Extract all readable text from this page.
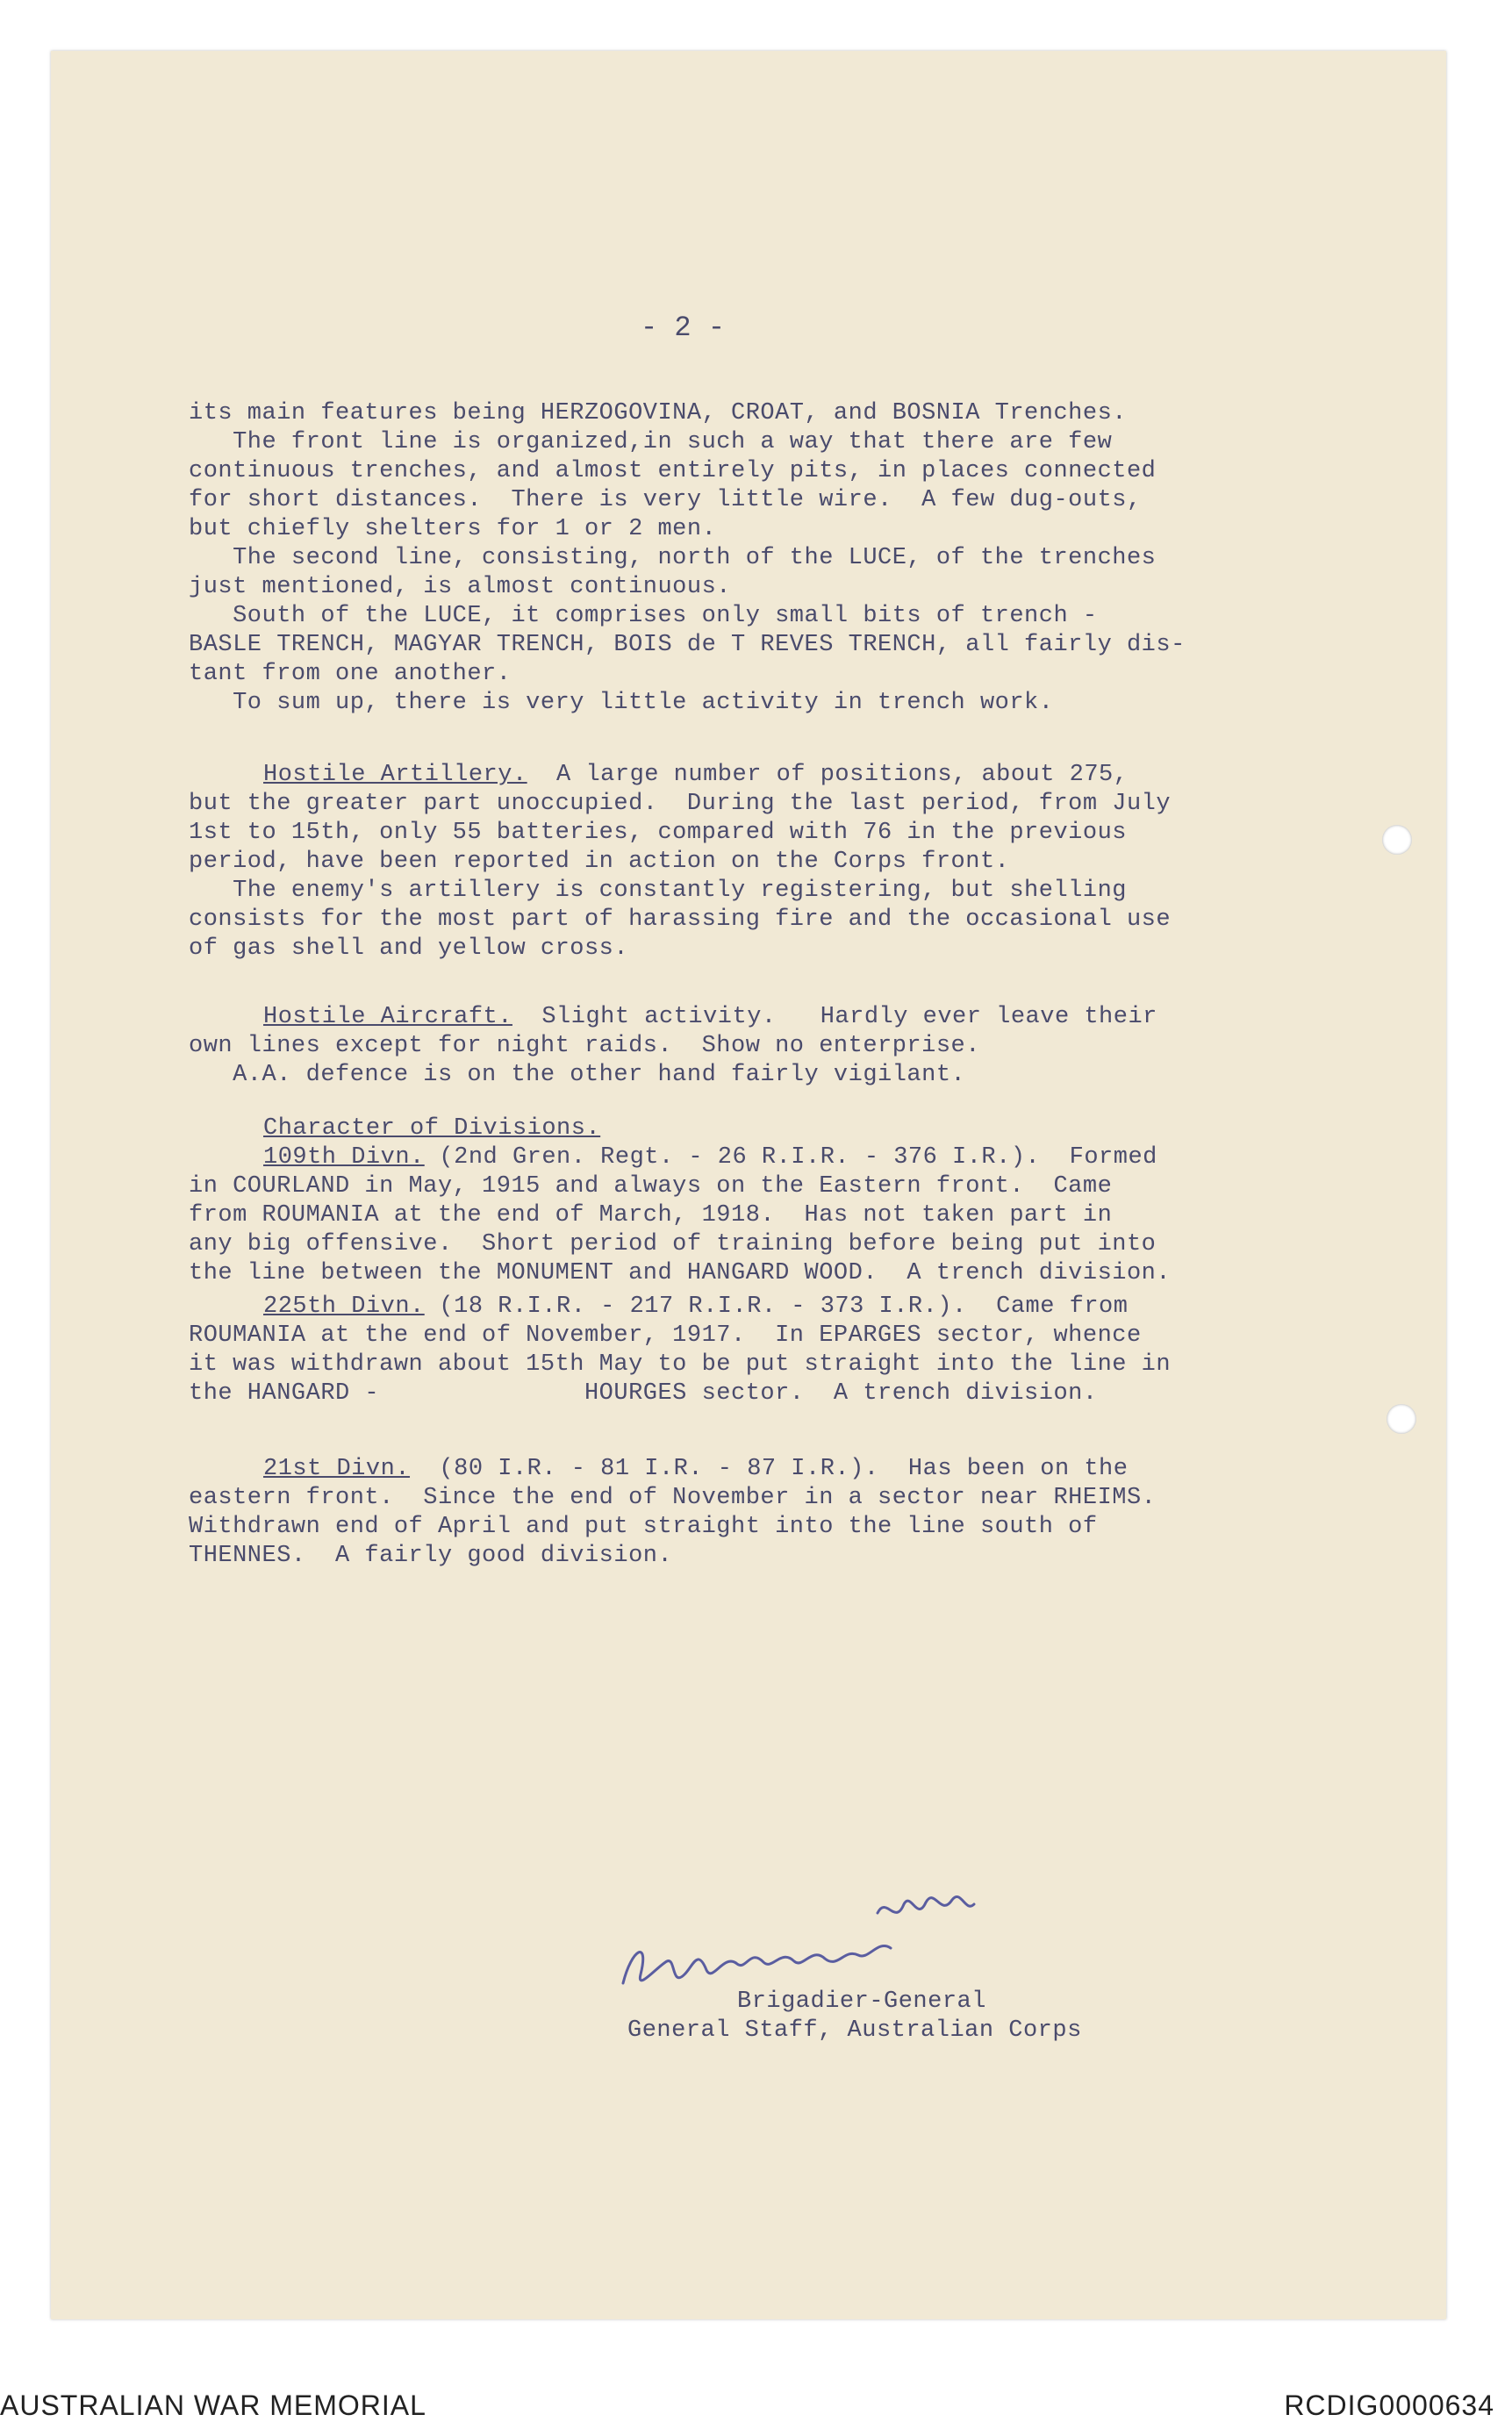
- 2 -
its main features being HERZOGOVINA, CROAT, and BOSNIA Trenches.
The front line is organized,in such a way that there are few
continuous trenches, and almost entirely pits, in places connected
for short distances.  There is very little wire.  A few dug-outs,
but chiefly shelters for 1 or 2 men.
The second line, consisting, north of the LUCE, of the trenches
just mentioned, is almost continuous.
South of the LUCE, it comprises only small bits of trench -
BASLE TRENCH, MAGYAR TRENCH, BOIS de T REVES TRENCH, all fairly dis-
tant from one another.
To sum up, there is very little activity in trench work.
Hostile Artillery.  A large number of positions, about 275,
but the greater part unoccupied.  During the last period, from July
1st to 15th, only 55 batteries, compared with 76 in the previous
period, have been reported in action on the Corps front.
The enemy's artillery is constantly registering, but shelling
consists for the most part of harassing fire and the occasional use
of gas shell and yellow cross.
Hostile Aircraft.  Slight activity.   Hardly ever leave their
own lines except for night raids.  Show no enterprise.
A.A. defence is on the other hand fairly vigilant.
Character of Divisions.
109th Divn. (2nd Gren. Regt. - 26 R.I.R. - 376 I.R.).  Formed
in COURLAND in May, 1915 and always on the Eastern front.  Came
from ROUMANIA at the end of March, 1918.  Has not taken part in
any big offensive.  Short period of training before being put into
the line between the MONUMENT and HANGARD WOOD.  A trench division.
225th Divn. (18 R.I.R. - 217 R.I.R. - 373 I.R.).  Came from
ROUMANIA at the end of November, 1917.  In EPARGES sector, whence
it was withdrawn about 15th May to be put straight into the line in
the HANGARD -              HOURGES sector.  A trench division.
21st Divn.  (80 I.R. - 81 I.R. - 87 I.R.).  Has been on the
eastern front.  Since the end of November in a sector near RHEIMS.
Withdrawn end of April and put straight into the line south of
THENNES.  A fairly good division.
Brigadier-General
General Staff, Australian Corps
AUSTRALIAN WAR MEMORIAL	RCDIG0000634
